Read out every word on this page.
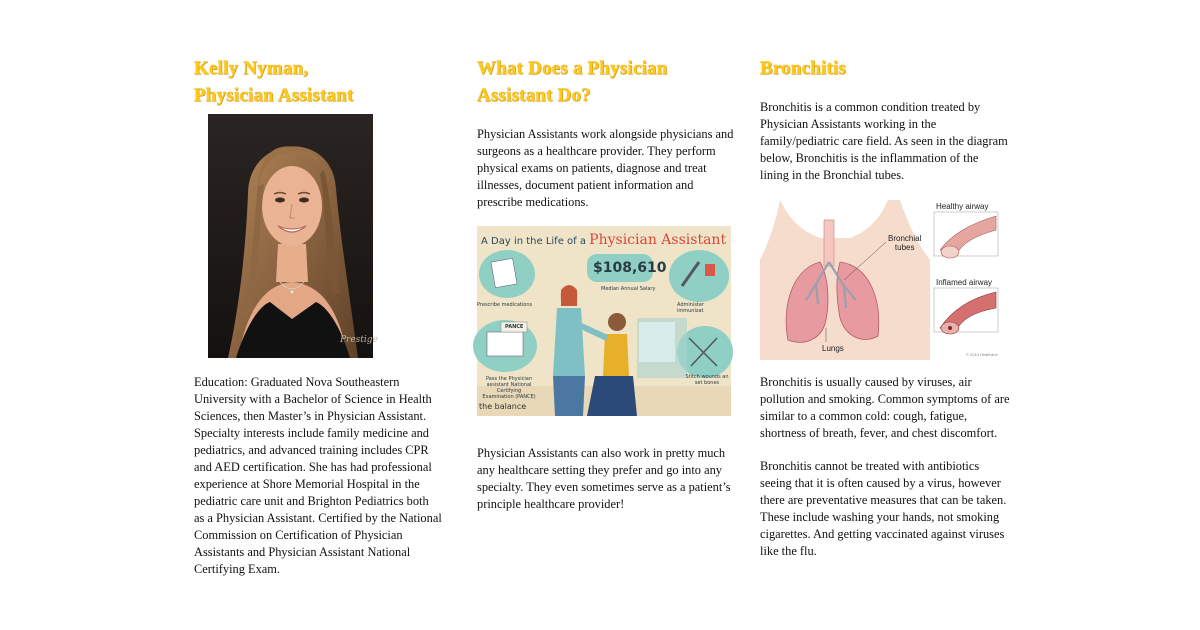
Kelly Nyman,
Physician Assistant
Prestige

Education: Graduated Nova Southeastern University with a Bachelor of Science in Health Sciences, then Master’s in Physician Assistant. Specialty interests include family medicine and pediatrics, and advanced training includes CPR and AED certification. She has had professional experience at Shore Memorial Hospital in the pediatric care unit and Brighton Pediatrics both as a Physician Assistant. Certified by the National Commission on Certification of Physician Assistants and Physician Assistant National Certifying Exam.

What Does a Physician
Assistant Do?

Physician Assistants work alongside physicians and surgeons as a healthcare provider. They perform physical exams on patients, diagnose and treat illnesses, document patient information and prescribe medications.

A Day in the Life of a Physician Assistant
$108,610
Median Annual Salary
Prescribe medications	Administer immunizat
PANCE
Pass the Physician
assistant National Certifying
Examination (PANCE)
Stitch wounds an
set bones
the balance

Physician Assistants can also work in pretty much any healthcare setting they prefer and go into any specialty. They even sometimes serve as a patient’s principle healthcare provider!

Bronchitis

Bronchitis is a common condition treated by Physician Assistants working in the family/pediatric care field. As seen in the diagram below, Bronchitis is the inflammation of the lining in the Bronchial tubes.

Healthy airway
Bronchial
tubes
Inflamed airway
Lungs
© 2014 Healthline

Bronchitis is usually caused by viruses, air pollution and smoking. Common symptoms of are similar to a common cold: cough, fatigue, shortness of breath, fever, and chest discomfort.

Bronchitis cannot be treated with antibiotics seeing that it is often caused by a virus, however there are preventative measures that can be taken. These include washing your hands, not smoking cigarettes. And getting vaccinated against viruses like the flu.
